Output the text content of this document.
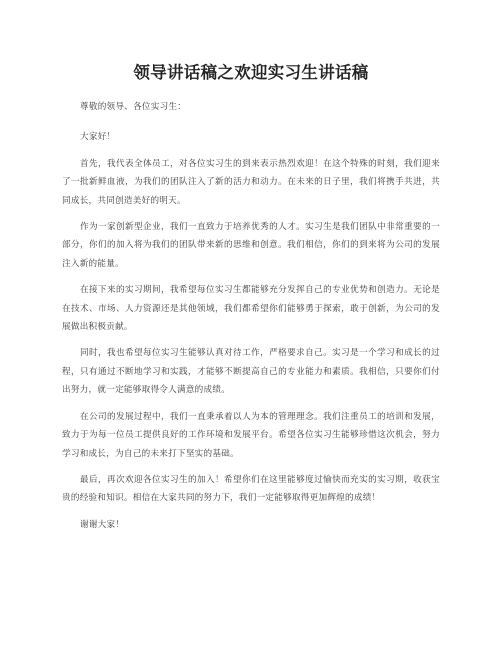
领导讲话稿之欢迎实习生讲话稿

尊敬的领导、各位实习生：

大家好！

首先，我代表全体员工，对各位实习生的到来表示热烈欢迎！在这个特殊的时刻，我们迎来了一批新鲜血液，为我们的团队注入了新的活力和动力。在未来的日子里，我们将携手共进，共同成长，共同创造美好的明天。

作为一家创新型企业，我们一直致力于培养优秀的人才。实习生是我们团队中非常重要的一部分，你们的加入将为我们的团队带来新的思维和创意。我们相信，你们的到来将为公司的发展注入新的能量。

在接下来的实习期间，我希望每位实习生都能够充分发挥自己的专业优势和创造力。无论是在技术、市场、人力资源还是其他领域，我们都希望你们能够勇于探索，敢于创新，为公司的发展做出积极贡献。

同时，我也希望每位实习生能够认真对待工作，严格要求自己。实习是一个学习和成长的过程，只有通过不断地学习和实践，才能够不断提高自己的专业能力和素质。我相信，只要你们付出努力，就一定能够取得令人满意的成绩。

在公司的发展过程中，我们一直秉承着以人为本的管理理念。我们注重员工的培训和发展，致力于为每一位员工提供良好的工作环境和发展平台。希望各位实习生能够珍惜这次机会，努力学习和成长，为自己的未来打下坚实的基础。

最后，再次欢迎各位实习生的加入！希望你们在这里能够度过愉快而充实的实习期，收获宝贵的经验和知识。相信在大家共同的努力下，我们一定能够取得更加辉煌的成绩！

谢谢大家！
